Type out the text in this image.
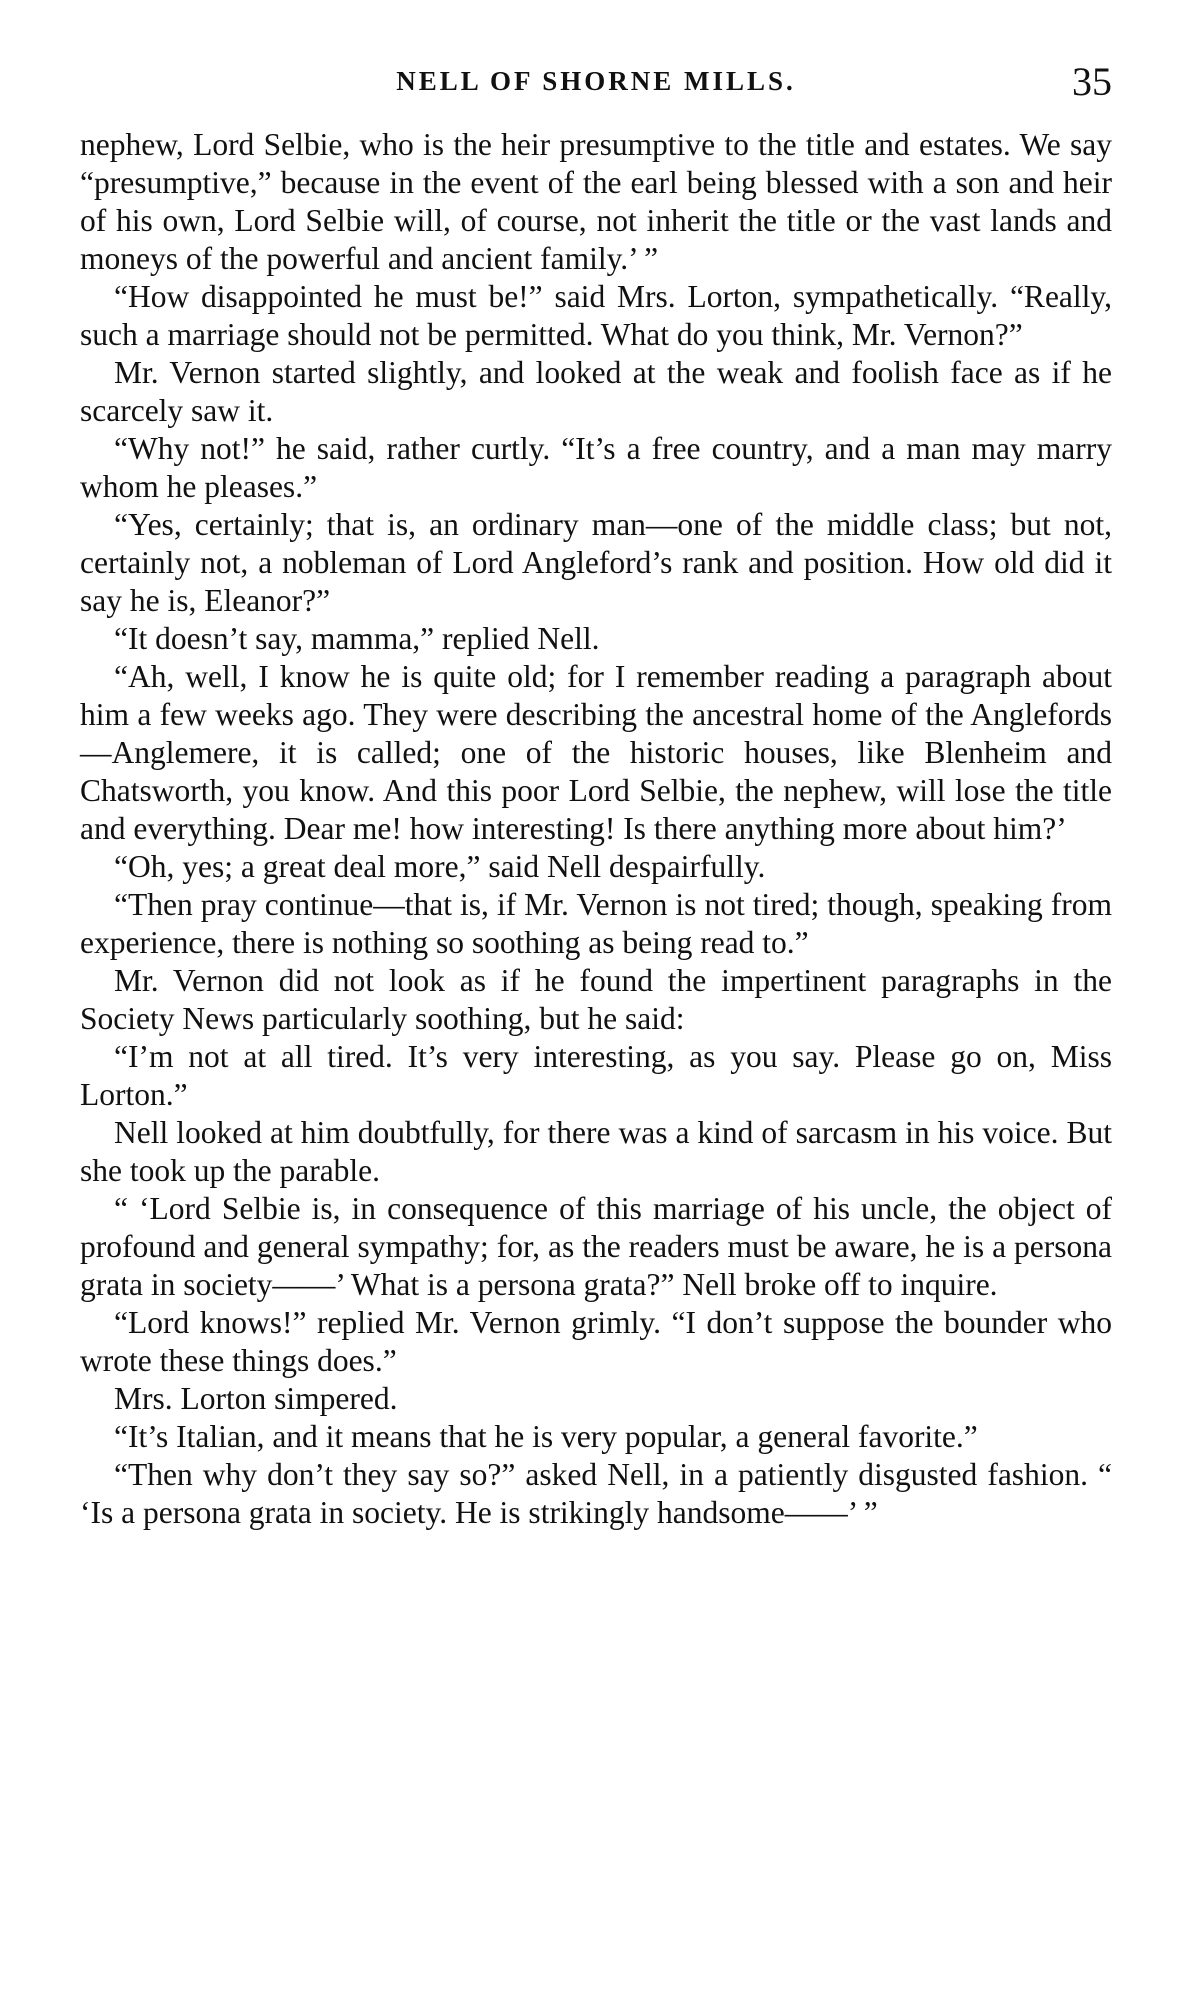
NELL OF SHORNE MILLS.	35

nephew, Lord Selbie, who is the heir presumptive to the title and estates. We say “presumptive,” because in the event of the earl being blessed with a son and heir of his own, Lord Selbie will, of course, not inherit the title or the vast lands and moneys of the powerful and ancient family.’ ”

“How disappointed he must be!” said Mrs. Lorton, sympathetically. “Really, such a marriage should not be permitted. What do you think, Mr. Vernon?”

Mr. Vernon started slightly, and looked at the weak and foolish face as if he scarcely saw it.

“Why not!” he said, rather curtly. “It’s a free country, and a man may marry whom he pleases.”

“Yes, certainly; that is, an ordinary man—one of the middle class; but not, certainly not, a nobleman of Lord Angleford’s rank and position. How old did it say he is, Eleanor?”

“It doesn’t say, mamma,” replied Nell.

“Ah, well, I know he is quite old; for I remember reading a paragraph about him a few weeks ago. They were describing the ancestral home of the Anglefords—Anglemere, it is called; one of the historic houses, like Blenheim and Chatsworth, you know. And this poor Lord Selbie, the nephew, will lose the title and everything. Dear me! how interesting! Is there anything more about him?’

“Oh, yes; a great deal more,” said Nell despairfully.

“Then pray continue—that is, if Mr. Vernon is not tired; though, speaking from experience, there is nothing so soothing as being read to.”

Mr. Vernon did not look as if he found the impertinent paragraphs in the Society News particularly soothing, but he said:

“I’m not at all tired. It’s very interesting, as you say. Please go on, Miss Lorton.”

Nell looked at him doubtfully, for there was a kind of sarcasm in his voice. But she took up the parable.

“ ‘Lord Selbie is, in consequence of this marriage of his uncle, the object of profound and general sympathy; for, as the readers must be aware, he is a persona grata in society——’ What is a persona grata?” Nell broke off to inquire.

“Lord knows!” replied Mr. Vernon grimly. “I don’t suppose the bounder who wrote these things does.”

Mrs. Lorton simpered.

“It’s Italian, and it means that he is very popular, a general favorite.”

“Then why don’t they say so?” asked Nell, in a patiently disgusted fashion. “ ‘Is a persona grata in society. He is strikingly handsome——’ ”
